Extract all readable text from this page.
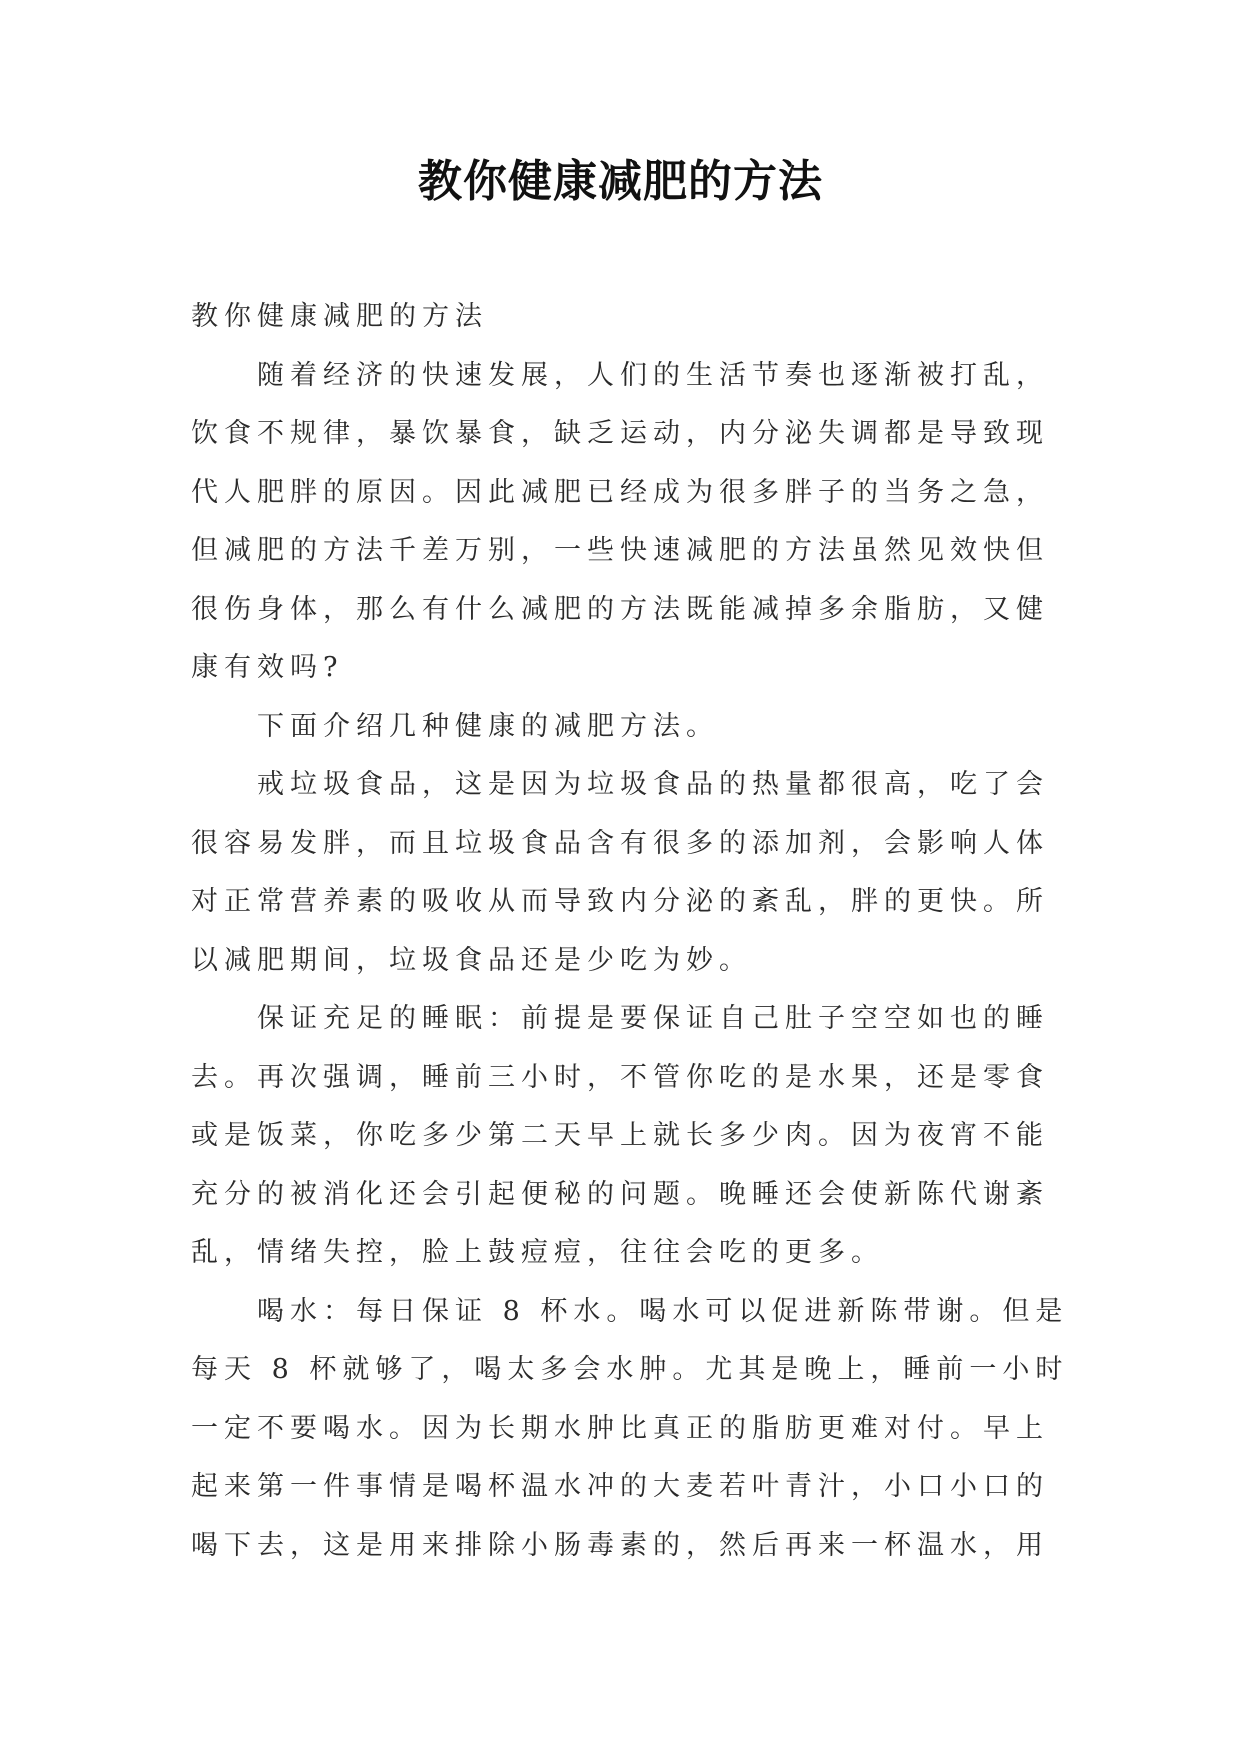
教你健康减肥的方法
教你健康减肥的方法
随着经济的快速发展，人们的生活节奏也逐渐被打乱，
饮食不规律，暴饮暴食，缺乏运动，内分泌失调都是导致现
代人肥胖的原因。因此减肥已经成为很多胖子的当务之急，
但减肥的方法千差万别，一些快速减肥的方法虽然见效快但
很伤身体，那么有什么减肥的方法既能减掉多余脂肪，又健
康有效吗?
下面介绍几种健康的减肥方法。
戒垃圾食品，这是因为垃圾食品的热量都很高，吃了会
很容易发胖，而且垃圾食品含有很多的添加剂，会影响人体
对正常营养素的吸收从而导致内分泌的紊乱，胖的更快。所
以减肥期间，垃圾食品还是少吃为妙。
保证充足的睡眠：前提是要保证自己肚子空空如也的睡
去。再次强调，睡前三小时，不管你吃的是水果，还是零食
或是饭菜，你吃多少第二天早上就长多少肉。因为夜宵不能
充分的被消化还会引起便秘的问题。晚睡还会使新陈代谢紊
乱，情绪失控，脸上鼓痘痘，往往会吃的更多。
喝水：每日保证 8 杯水。喝水可以促进新陈带谢。但是
每天 8 杯就够了，喝太多会水肿。尤其是晚上，睡前一小时
一定不要喝水。因为长期水肿比真正的脂肪更难对付。早上
起来第一件事情是喝杯温水冲的大麦若叶青汁，小口小口的
喝下去，这是用来排除小肠毒素的，然后再来一杯温水，用
